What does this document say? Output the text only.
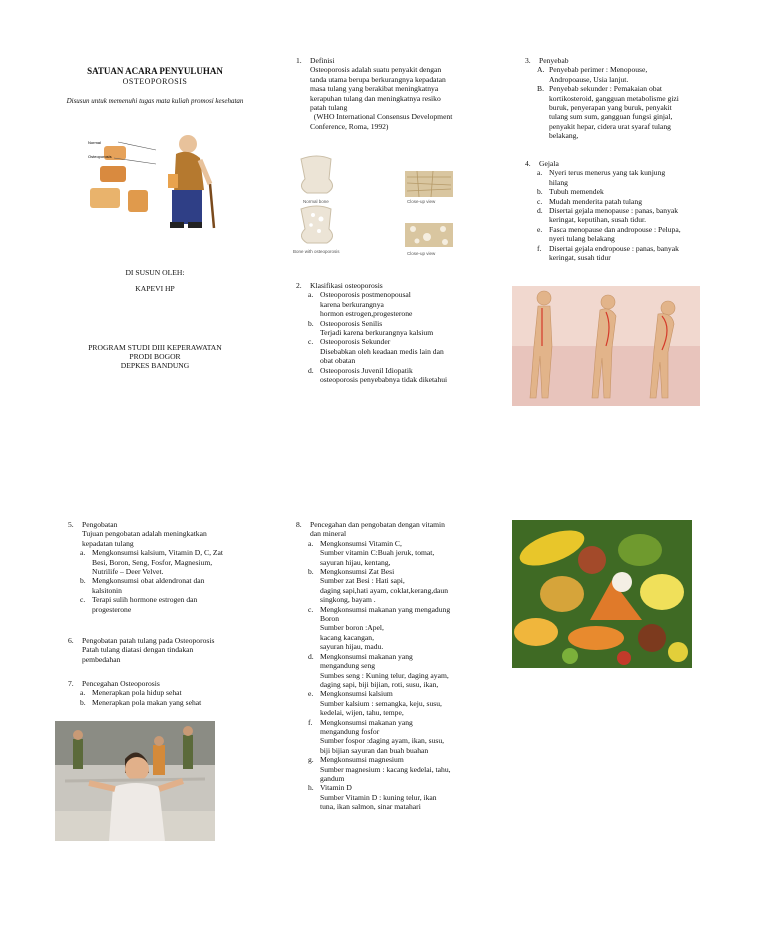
SATUAN ACARA PENYULUHAN
OSTEOPOROSIS
Disusun untuk memenuhi tugas mata kuliah promosi kesehatan
Normal
Osteoporosis
DI SUSUN OLEH:
KAPEVI HP
PROGRAM STUDI DIII KEPERAWATAN
PRODI BOGOR
DEPKES BANDUNG
1.	Definisi
Osteoporosis adalah suatu penyakit dengan
tanda utama berupa berkurangnya kepadatan
masa tulang yang berakibat meningkatnya
kerapuhan tulang dan meningkatnya resiko
patah tulang
(WHO International Consensus Development
Conference, Roma, 1992)
Normal bone	Close-up view
Bone with osteoporosis	Close-up view
2.	Klasifikasi osteoporosis
a. Osteoporosis postmenopousal
karena berkurangnya
hormon estrogen,progesterone
b. Osteoporosis Senilis
Terjadi karena berkurangnya kalsium
c. Osteoporosis Sekunder
Disebabkan oleh keadaan medis lain dan
obat obatan
d. Osteoporosis Juvenil Idiopatik
osteoporosis penyebabnya tidak diketahui
3.	Penyebab
A. Penyebab perimer : Menopouse,
Andropoause, Usia lanjut.
B. Penyebab sekunder : Pemakaian obat
kortikosteroid, gangguan metabolisme gizi
buruk, penyerapan yang buruk, penyakit
tulang sum sum, gangguan fungsi ginjal,
penyakit hepar, cidera urat syaraf tulang
belakang,
4.	Gejala
a. Nyeri terus menerus yang tak kunjung
hilang
b. Tubuh memendek
c. Mudah menderita patah tulang
d. Disertai gejala menopause : panas, banyak
keringat, keputihan, susah tidur.
e. Fasca menopause dan andropouse : Pelupa,
nyeri tulang belakang
f. Disertai gejala endropouse : panas, banyak
keringat, susah tidur
5.	Pengobatan
Tujuan pengobatan adalah meningkatkan
kepadatan tulang
a. Mengkonsumsi kalsium, Vitamin D, C, Zat
Besi, Boron, Seng, Fosfor, Magnesium,
Nutrilife – Deer Velvet.
b. Mengkonsumsi obat aldendronat dan
kalsitonin
c. Terapi sulih hormone estrogen dan
progesterone
6.	Pengobatan patah tulang pada Osteoporosis
Patah tulang diatasi dengan tindakan
pembedahan
7.	Pencegahan Osteoporosis
a. Menerapkan pola hidup sehat
b. Menerapkan pola makan yang sehat
8.	Pencegahan dan pengobatan dengan vitamin
dan mineral
a. Mengkonsumsi Vitamin C,
Sumber vitamin C:Buah jeruk, tomat,
sayuran hijau, kentang,
b. Mengkonsumsi Zat Besi
Sumber zat Besi : Hati sapi,
daging sapi,hati ayam, coklat,kerang,daun
singkong, bayam .
c. Mengkonsumsi makanan yang mengadung
Boron
Sumber boron :Apel,
kacang kacangan,
sayuran hijau, madu.
d. Mengkonsumsi makanan yang
mengandung seng
Sumbes seng : Kuning telur, daging ayam,
daging sapi, biji bijian, roti, susu, ikan,
e. Mengkonsumsi kalsium
Sumber kalsium : semangka, keju, susu,
kedelai, wijen, tahu, tempe,
f. Mengkonsumsi makanan yang
mengandung fosfor
Sumber fospor :daging ayam, ikan, susu,
biji bijian sayuran dan buah buahan
g. Mengkonsumsi magnesium
Sumber magnesium : kacang kedelai, tahu,
gandum
h. Vitamin D
Sumber Vitamin D : kuning telur, ikan
tuna, ikan salmon, sinar matahari
